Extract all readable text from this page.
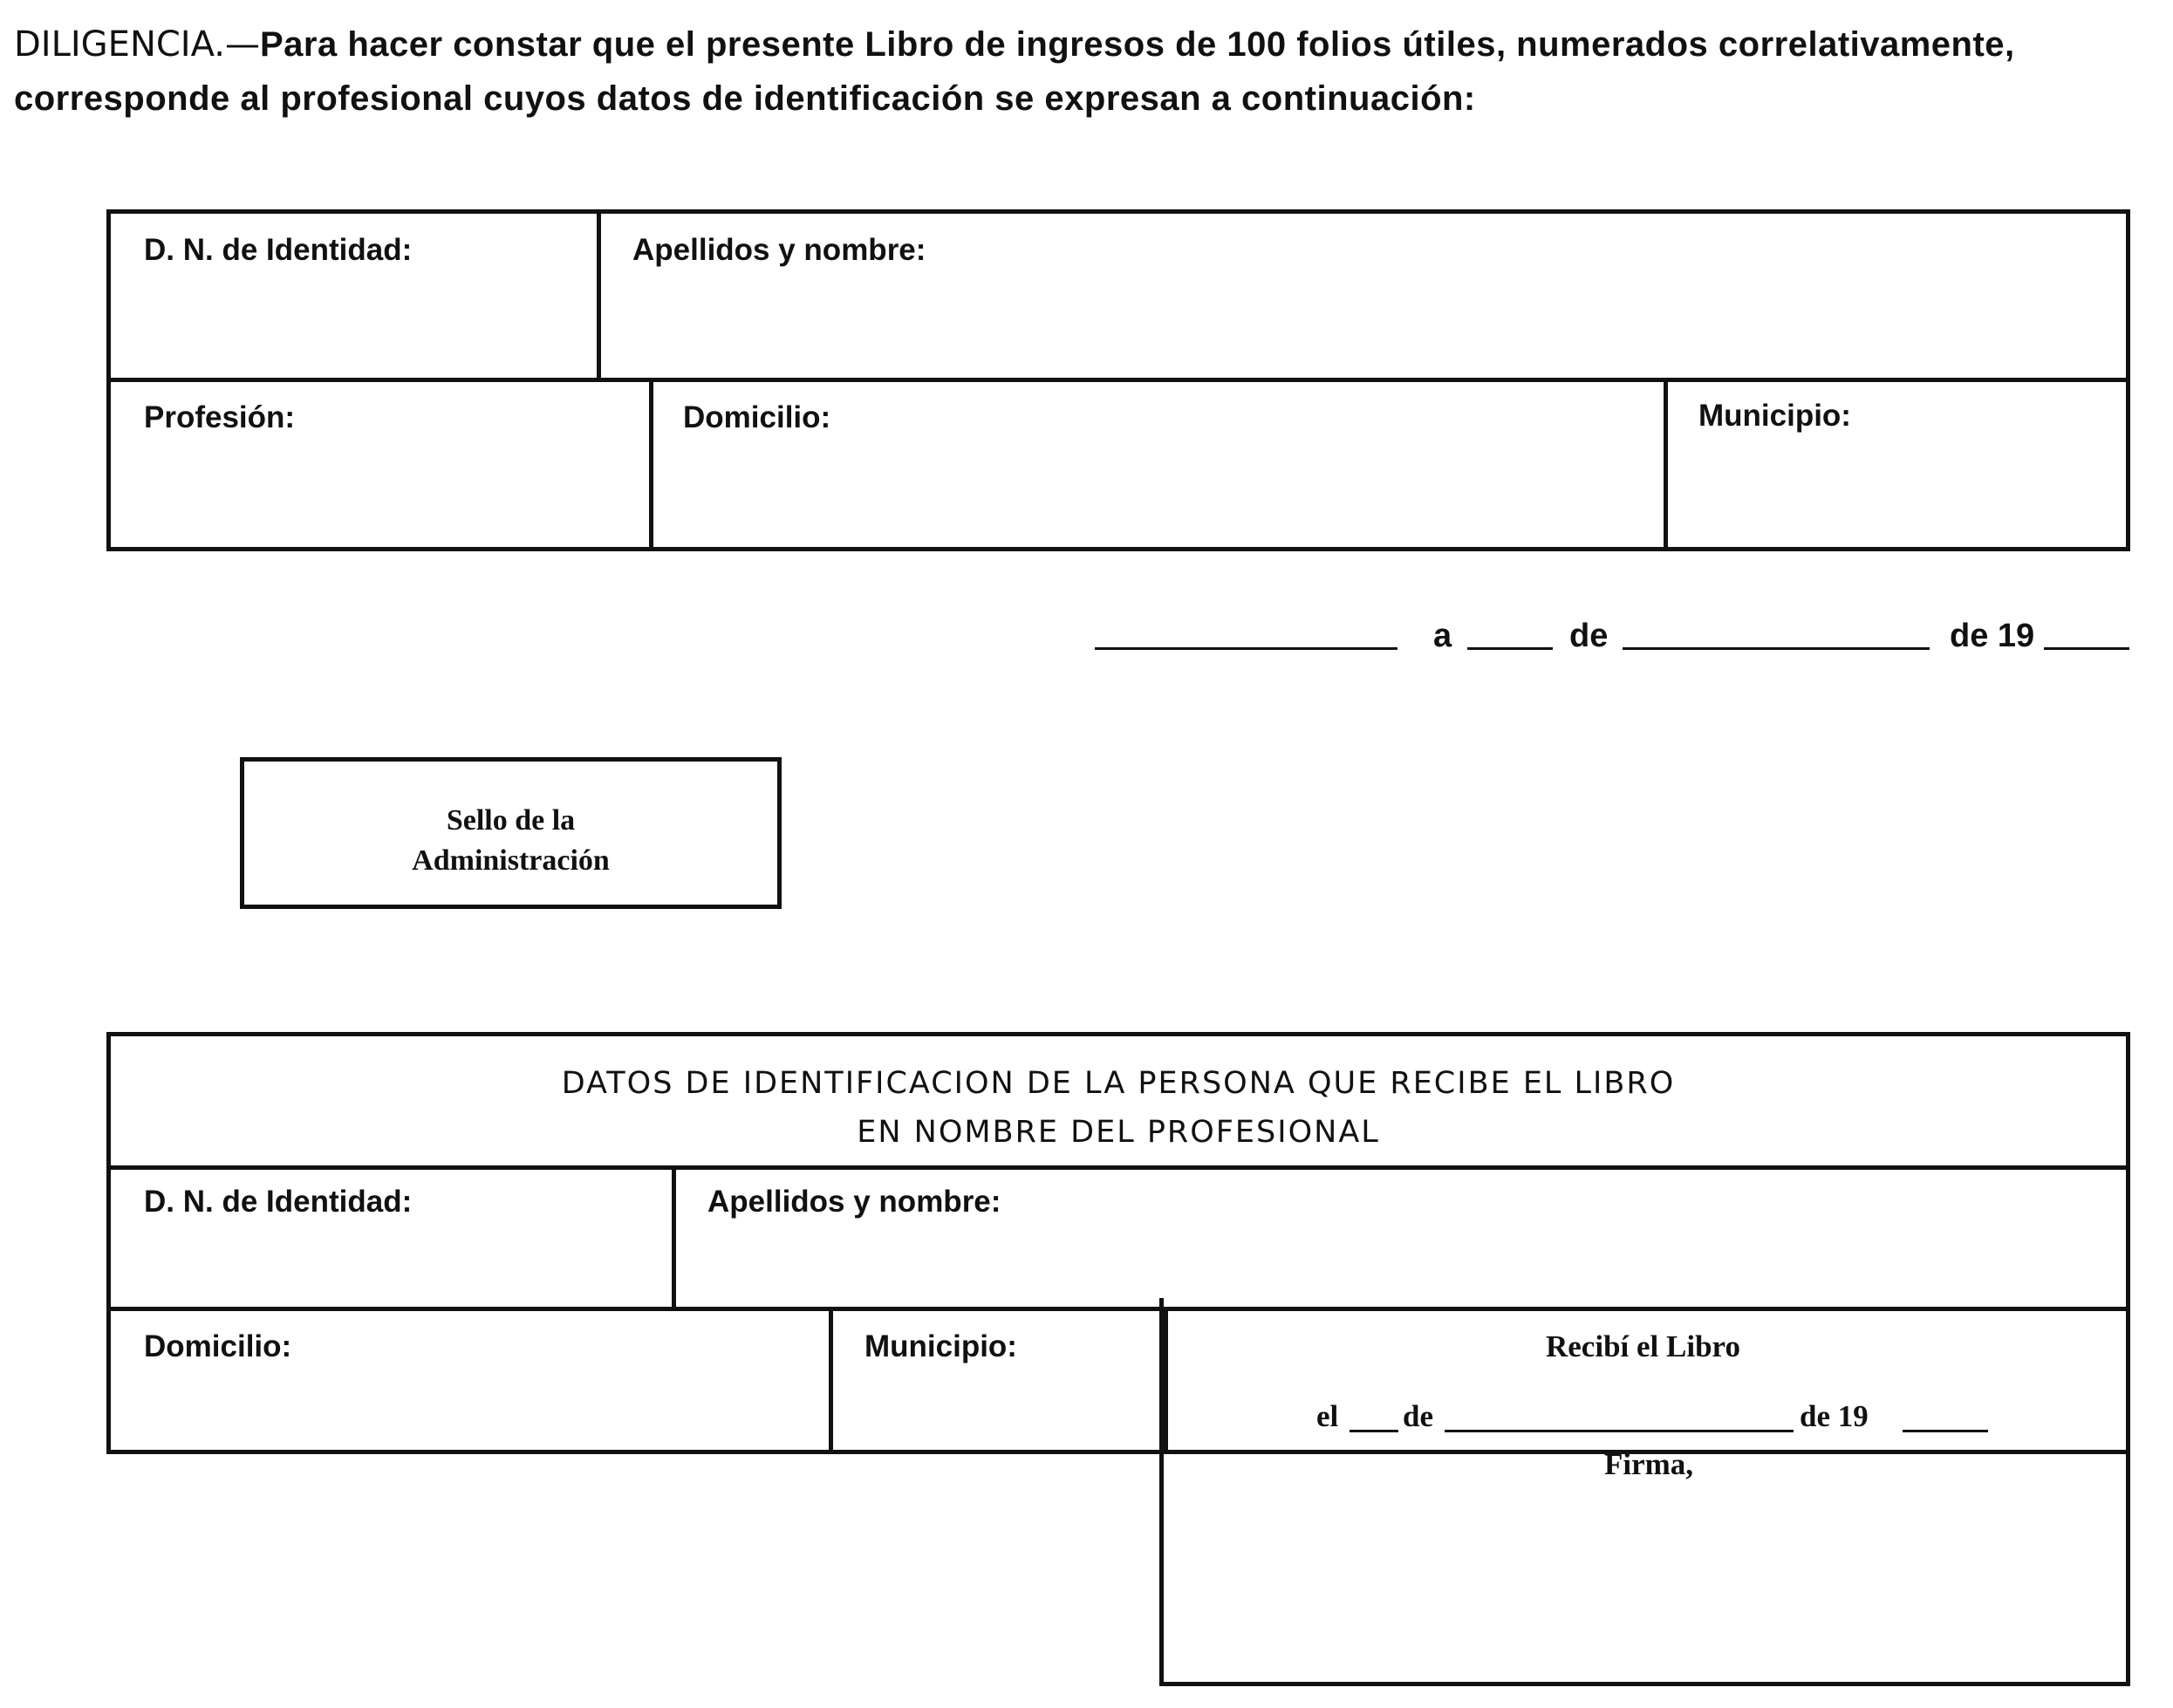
DILIGENCIA.—Para hacer constar que el presente Libro de ingresos de 100 folios útiles, numerados correlativamente,
corresponde al profesional cuyos datos de identificación se expresan a continuación:
D. N. de Identidad:	Apellidos y nombre:
Profesión:	Domicilio:	Municipio:
a	de	de 19
Sello de la
Administración
DATOS DE IDENTIFICACION DE LA PERSONA QUE RECIBE EL LIBRO
EN NOMBRE DEL PROFESIONAL
D. N. de Identidad:	Apellidos y nombre:
Domicilio:	Municipio:	Recibí el Libro
el de	de 19
Firma,
